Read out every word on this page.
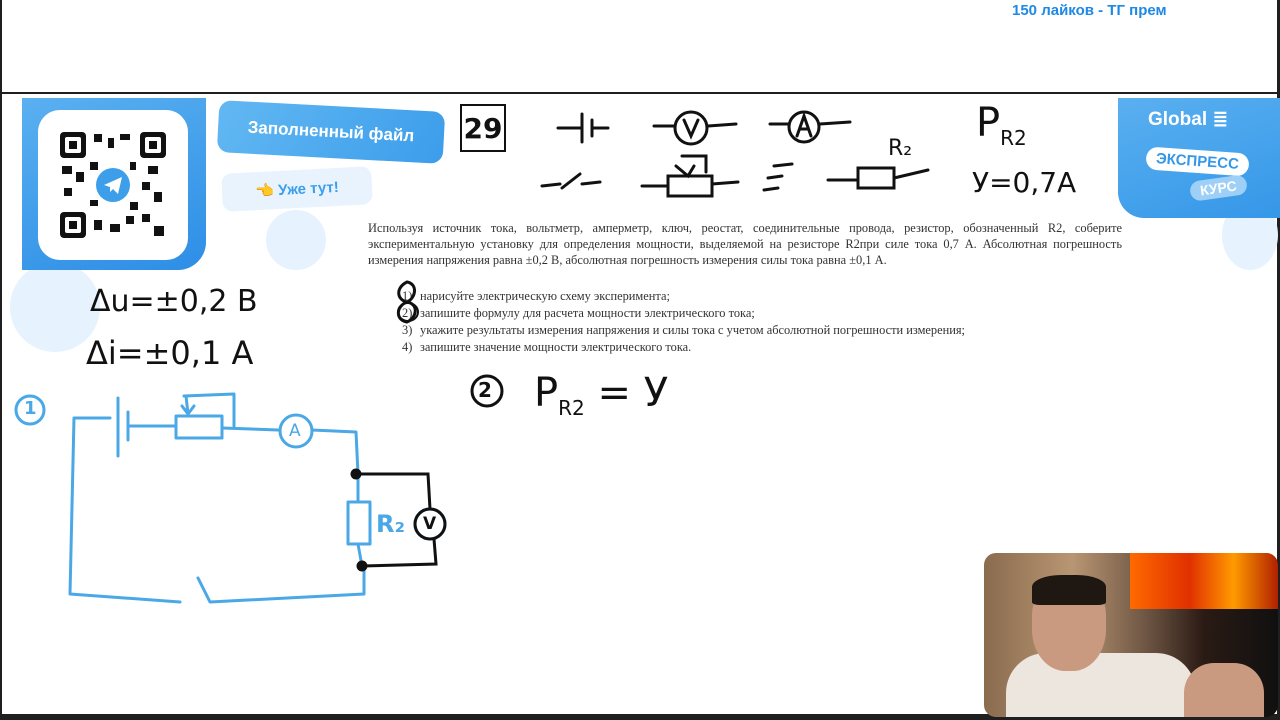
150 лайков - ТГ прем
Заполненный файл
👈 Уже тут!
Global ≣
ЭКСПРЕСС
КУРС
29

Используя источник тока, вольтметр, амперметр, ключ, реостат, соединительные провода, резистор, обозначенный R2, соберите экспериментальную установку для определения мощности, выделяемой на резисторе R2при силе тока 0,7 А. Абсолютная погрешность измерения напряжения равна ±0,2 В, абсолютная погрешность измерения силы тока равна ±0,1 А.

1) нарисуйте электрическую схему эксперимента;
2) запишите формулу для расчета мощности электрического тока;
3) укажите результаты измерения напряжения и силы тока с учетом абсолютной погрешности измерения;
4) запишите значение мощности электрического тока.
$P_{R2}$
У=0,7А
R₂
Δu=±0,2 В
Δi=±0,1 А
2 $P_{R2} = У$
1
A
R₂ V
